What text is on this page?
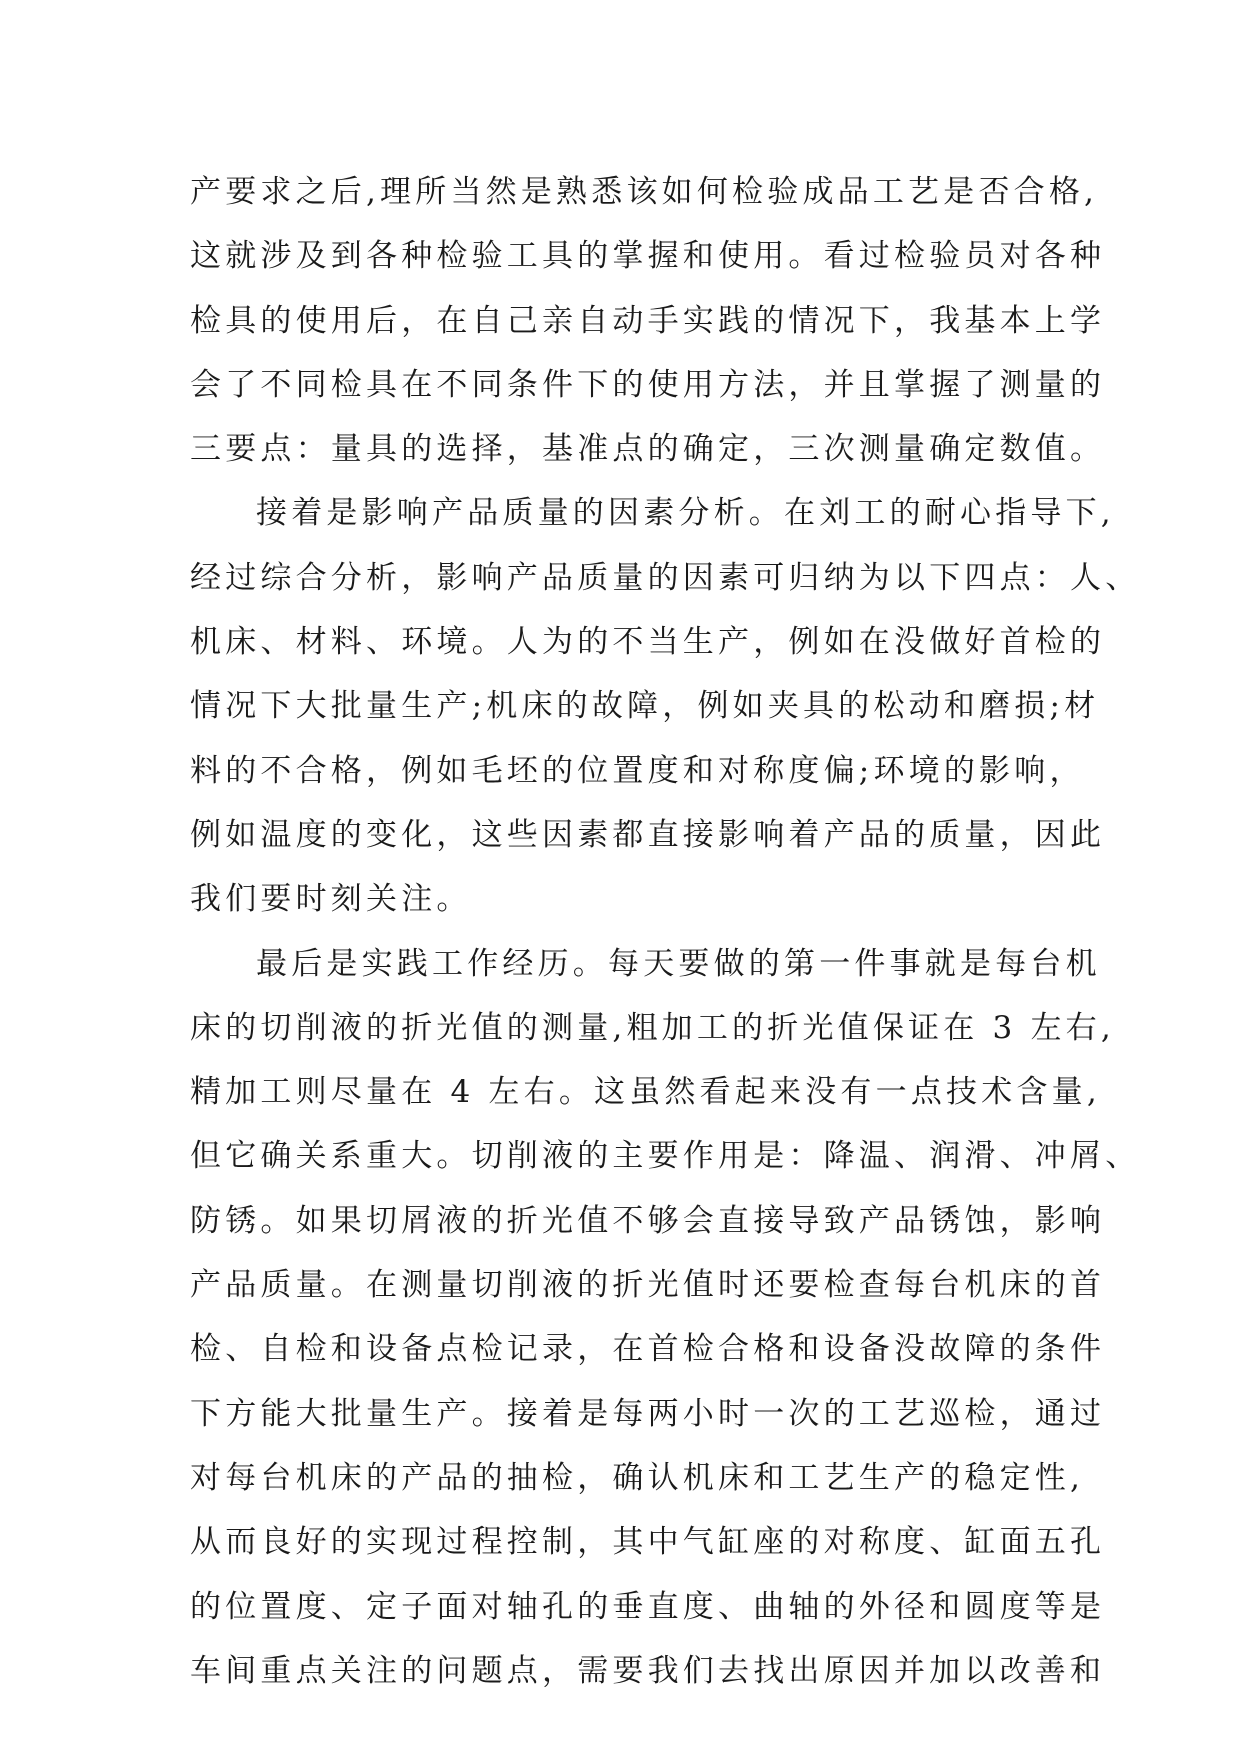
产要求之后,理所当然是熟悉该如何检验成品工艺是否合格,
这就涉及到各种检验工具的掌握和使用。看过检验员对各种
检具的使用后，在自己亲自动手实践的情况下，我基本上学
会了不同检具在不同条件下的使用方法，并且掌握了测量的
三要点：量具的选择，基准点的确定，三次测量确定数值。
接着是影响产品质量的因素分析。在刘工的耐心指导下,
经过综合分析，影响产品质量的因素可归纳为以下四点：人、
机床、材料、环境。人为的不当生产，例如在没做好首检的
情况下大批量生产;机床的故障，例如夹具的松动和磨损;材
料的不合格，例如毛坯的位置度和对称度偏;环境的影响，
例如温度的变化，这些因素都直接影响着产品的质量，因此
我们要时刻关注。
最后是实践工作经历。每天要做的第一件事就是每台机
床的切削液的折光值的测量,粗加工的折光值保证在 3 左右,
精加工则尽量在 4 左右。这虽然看起来没有一点技术含量,
但它确关系重大。切削液的主要作用是：降温、润滑、冲屑、
防锈。如果切屑液的折光值不够会直接导致产品锈蚀，影响
产品质量。在测量切削液的折光值时还要检查每台机床的首
检、自检和设备点检记录，在首检合格和设备没故障的条件
下方能大批量生产。接着是每两小时一次的工艺巡检，通过
对每台机床的产品的抽检，确认机床和工艺生产的稳定性,
从而良好的实现过程控制，其中气缸座的对称度、缸面五孔
的位置度、定子面对轴孔的垂直度、曲轴的外径和圆度等是
车间重点关注的问题点，需要我们去找出原因并加以改善和
